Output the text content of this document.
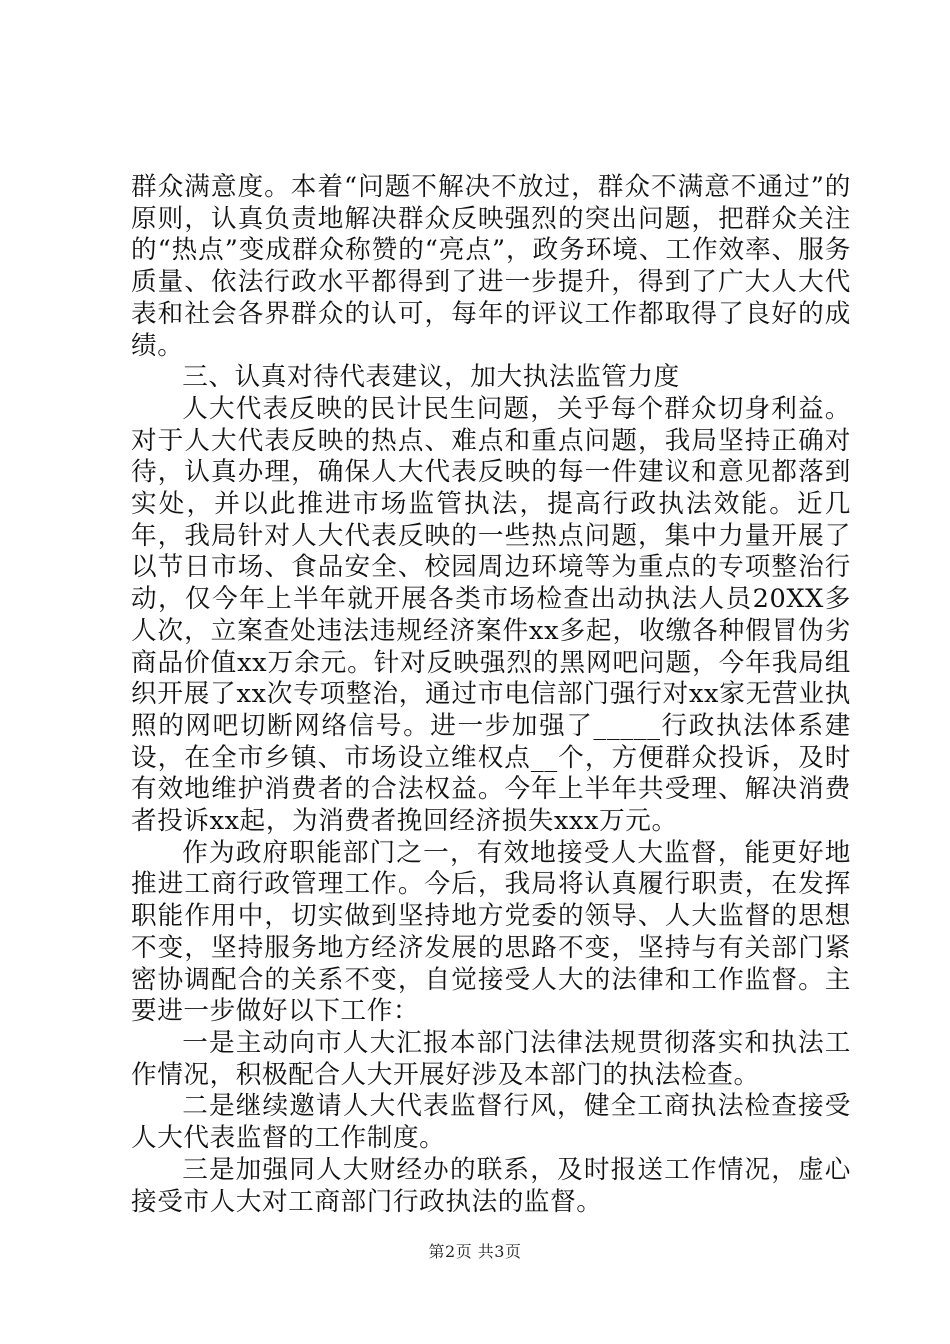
群众满意度。本着“问题不解决不放过，群众不满意不通过”的原则，认真负责地解决群众反映强烈的突出问题，把群众关注的“热点”变成群众称赞的“亮点”，政务环境、工作效率、服务质量、依法行政水平都得到了进一步提升，得到了广大人大代表和社会各界群众的认可，每年的评议工作都取得了良好的成绩。

三、认真对待代表建议，加大执法监管力度

人大代表反映的民计民生问题，关乎每个群众切身利益。对于人大代表反映的热点、难点和重点问题，我局坚持正确对待，认真办理，确保人大代表反映的每一件建议和意见都落到实处，并以此推进市场监管执法，提高行政执法效能。近几年，我局针对人大代表反映的一些热点问题，集中力量开展了以节日市场、食品安全、校园周边环境等为重点的专项整治行动，仅今年上半年就开展各类市场检查出动执法人员20XX多人次，立案查处违法违规经济案件xx多起，收缴各种假冒伪劣商品价值xx万余元。针对反映强烈的黑网吧问题，今年我局组织开展了xx次专项整治，通过市电信部门强行对xx家无营业执照的网吧切断网络信号。进一步加强了_____行政执法体系建设，在全市乡镇、市场设立维权点__个，方便群众投诉，及时有效地维护消费者的合法权益。今年上半年共受理、解决消费者投诉xx起，为消费者挽回经济损失xxx万元。

作为政府职能部门之一，有效地接受人大监督，能更好地推进工商行政管理工作。今后，我局将认真履行职责，在发挥职能作用中，切实做到坚持地方党委的领导、人大监督的思想不变，坚持服务地方经济发展的思路不变，坚持与有关部门紧密协调配合的关系不变，自觉接受人大的法律和工作监督。主要进一步做好以下工作：

一是主动向市人大汇报本部门法律法规贯彻落实和执法工作情况，积极配合人大开展好涉及本部门的执法检查。

二是继续邀请人大代表监督行风，健全工商执法检查接受人大代表监督的工作制度。

三是加强同人大财经办的联系，及时报送工作情况，虚心接受市人大对工商部门行政执法的监督。

第2页 共3页
